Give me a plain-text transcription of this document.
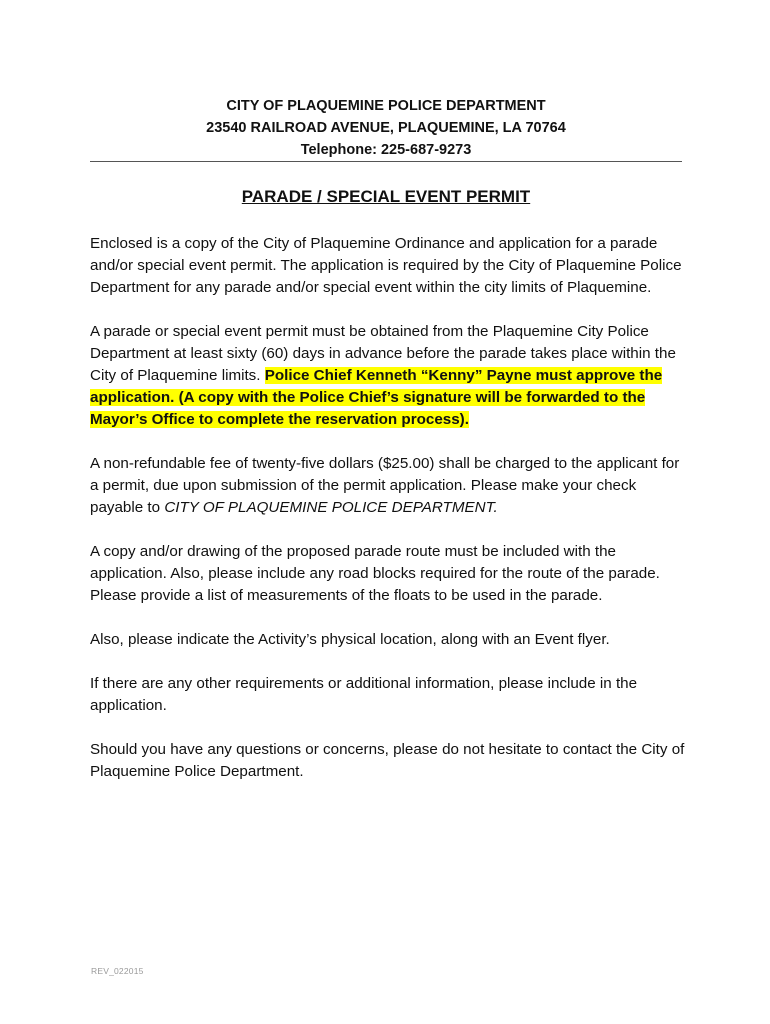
CITY OF PLAQUEMINE POLICE DEPARTMENT
23540 RAILROAD AVENUE, PLAQUEMINE, LA 70764
Telephone: 225-687-9273
PARADE / SPECIAL EVENT PERMIT

Enclosed is a copy of the City of Plaquemine Ordinance and application for a parade and/or special event permit. The application is required by the City of Plaquemine Police Department for any parade and/or special event within the city limits of Plaquemine.

A parade or special event permit must be obtained from the Plaquemine City Police Department at least sixty (60) days in advance before the parade takes place within the City of Plaquemine limits. Police Chief Kenneth “Kenny” Payne must approve the application. (A copy with the Police Chief’s signature will be forwarded to the Mayor’s Office to complete the reservation process).

A non-refundable fee of twenty-five dollars ($25.00) shall be charged to the applicant for a permit, due upon submission of the permit application. Please make your check payable to CITY OF PLAQUEMINE POLICE DEPARTMENT.

A copy and/or drawing of the proposed parade route must be included with the application. Also, please include any road blocks required for the route of the parade. Please provide a list of measurements of the floats to be used in the parade.

Also, please indicate the Activity’s physical location, along with an Event flyer.

If there are any other requirements or additional information, please include in the application.

Should you have any questions or concerns, please do not hesitate to contact the City of Plaquemine Police Department.

REV_022015
